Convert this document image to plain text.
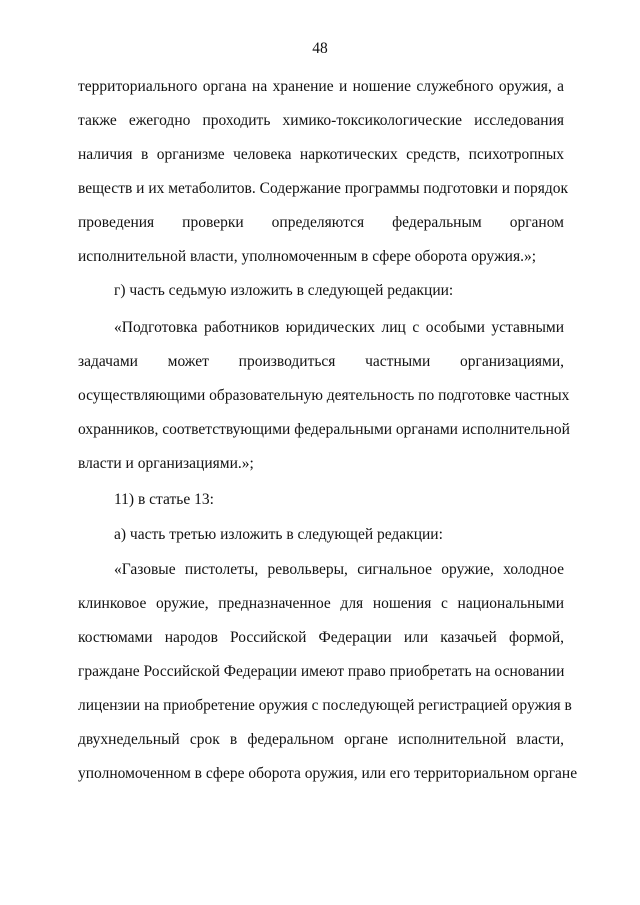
48
территориального органа на хранение и ношение служебного оружия, а
также ежегодно проходить химико-токсикологические исследования
наличия в организме человека наркотических средств, психотропных
веществ и их метаболитов. Содержание программы подготовки и порядок
проведения проверки определяются федеральным органом
исполнительной власти, уполномоченным в сфере оборота оружия.»;
г) часть седьмую изложить в следующей редакции:
«Подготовка работников юридических лиц с особыми уставными
задачами может производиться частными организациями,
осуществляющими образовательную деятельность по подготовке частных
охранников, соответствующими федеральными органами исполнительной
власти и организациями.»;
11) в статье 13:
а) часть третью изложить в следующей редакции:
«Газовые пистолеты, револьверы, сигнальное оружие, холодное
клинковое оружие, предназначенное для ношения с национальными
костюмами народов Российской Федерации или казачьей формой,
граждане Российской Федерации имеют право приобретать на основании
лицензии на приобретение оружия с последующей регистрацией оружия в
двухнедельный срок в федеральном органе исполнительной власти,
уполномоченном в сфере оборота оружия, или его территориальном органе
